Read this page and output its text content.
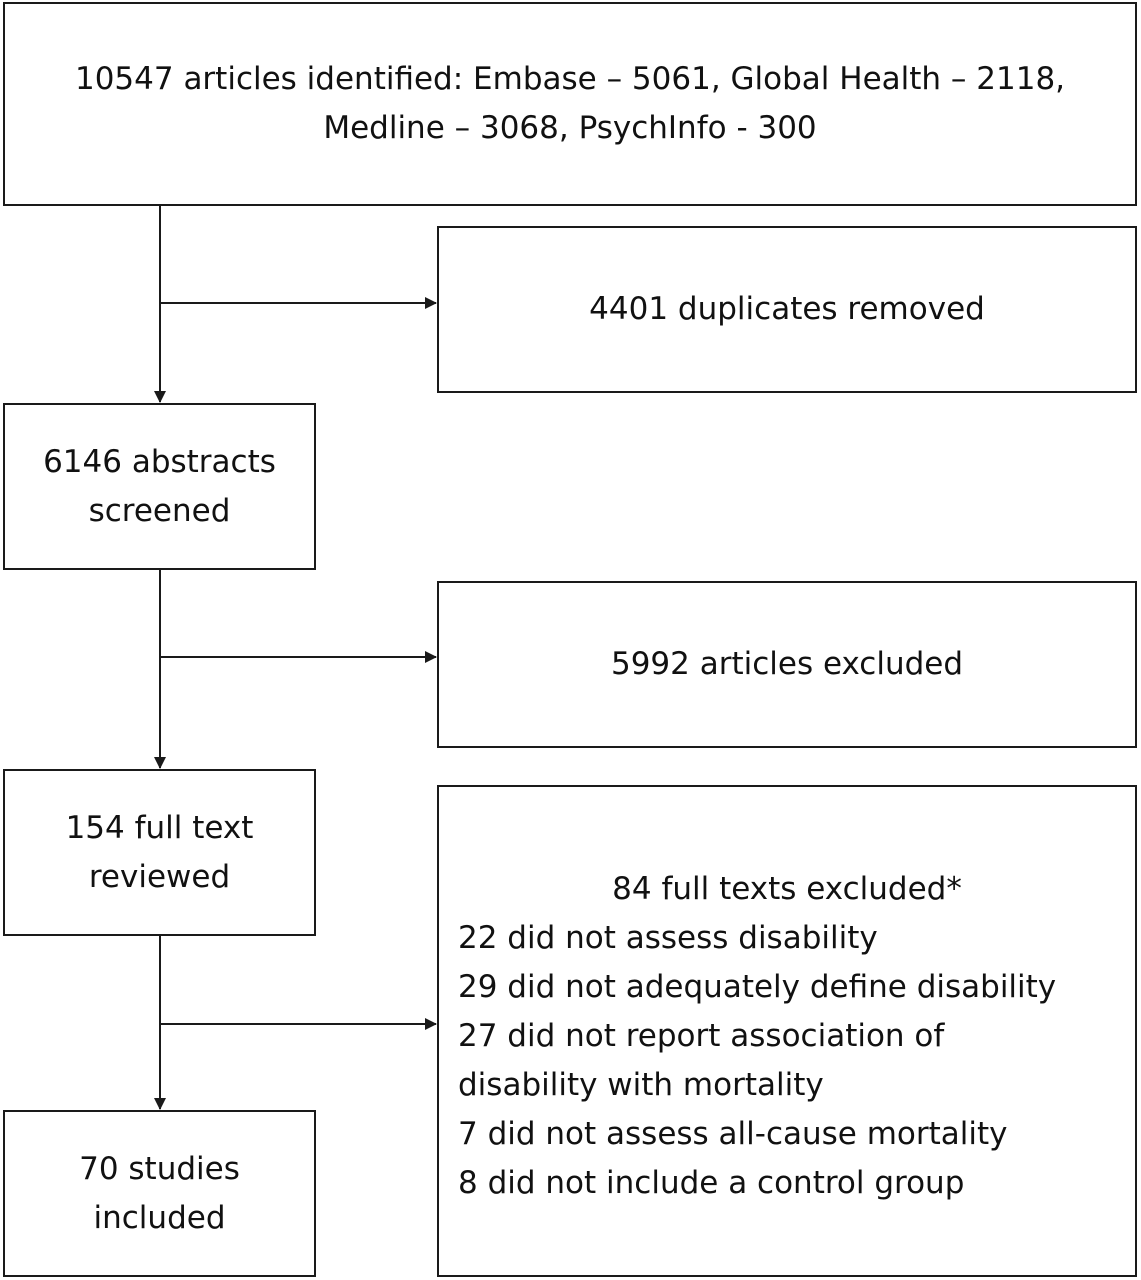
10547 articles identified: Embase – 5061, Global Health – 2118,
Medline – 3068, PsychInfo - 300
4401 duplicates removed
6146 abstracts
screened
5992 articles excluded
154 full text
reviewed	84 full texts excluded*
22 did not assess disability
29 did not adequately define disability
27 did not report association of
disability with mortality
7 did not assess all-cause mortality
8 did not include a control group
70 studies
included
